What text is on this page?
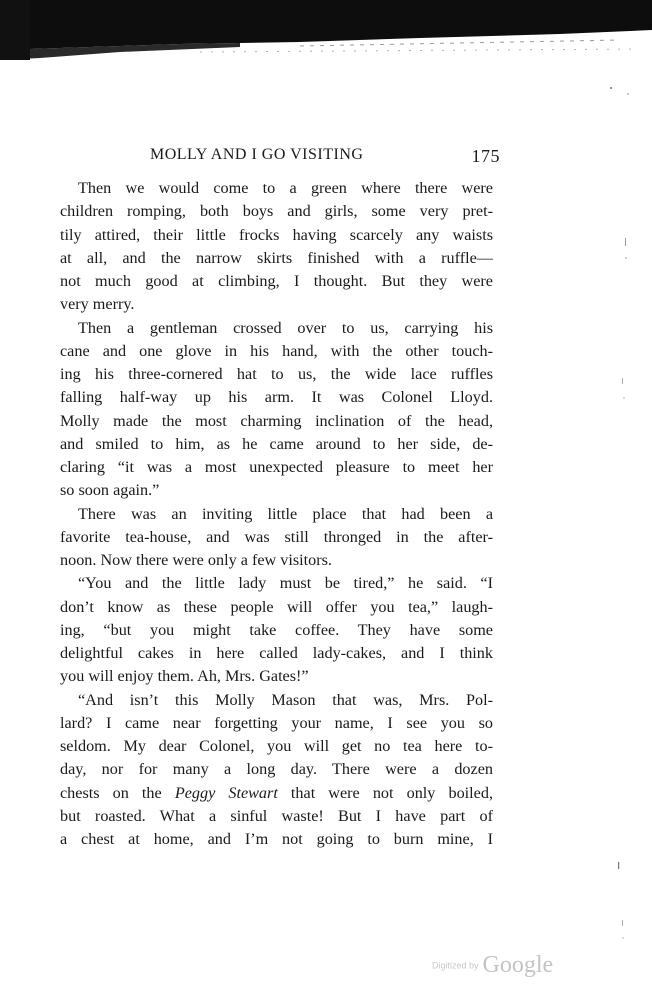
MOLLY AND I GO VISITING	175
Then we would come to a green where there were
children romping, both boys and girls, some very pret-
tily attired, their little frocks having scarcely any waists
at all, and the narrow skirts finished with a ruffle—
not much good at climbing, I thought. But they were
very merry.
Then a gentleman crossed over to us, carrying his
cane and one glove in his hand, with the other touch-
ing his three-cornered hat to us, the wide lace ruffles
falling half-way up his arm. It was Colonel Lloyd.
Molly made the most charming inclination of the head,
and smiled to him, as he came around to her side, de-
claring “it was a most unexpected pleasure to meet her
so soon again.”
There was an inviting little place that had been a
favorite tea-house, and was still thronged in the after-
noon. Now there were only a few visitors.
“You and the little lady must be tired,” he said. “I
don’t know as these people will offer you tea,” laugh-
ing, “but you might take coffee. They have some
delightful cakes in here called lady-cakes, and I think
you will enjoy them. Ah, Mrs. Gates!”
“And isn’t this Molly Mason that was, Mrs. Pol-
lard? I came near forgetting your name, I see you so
seldom. My dear Colonel, you will get no tea here to-
day, nor for many a long day. There were a dozen
chests on the Peggy Stewart that were not only boiled,
but roasted. What a sinful waste! But I have part of
a chest at home, and I’m not going to burn mine, I
Digitized by Google
